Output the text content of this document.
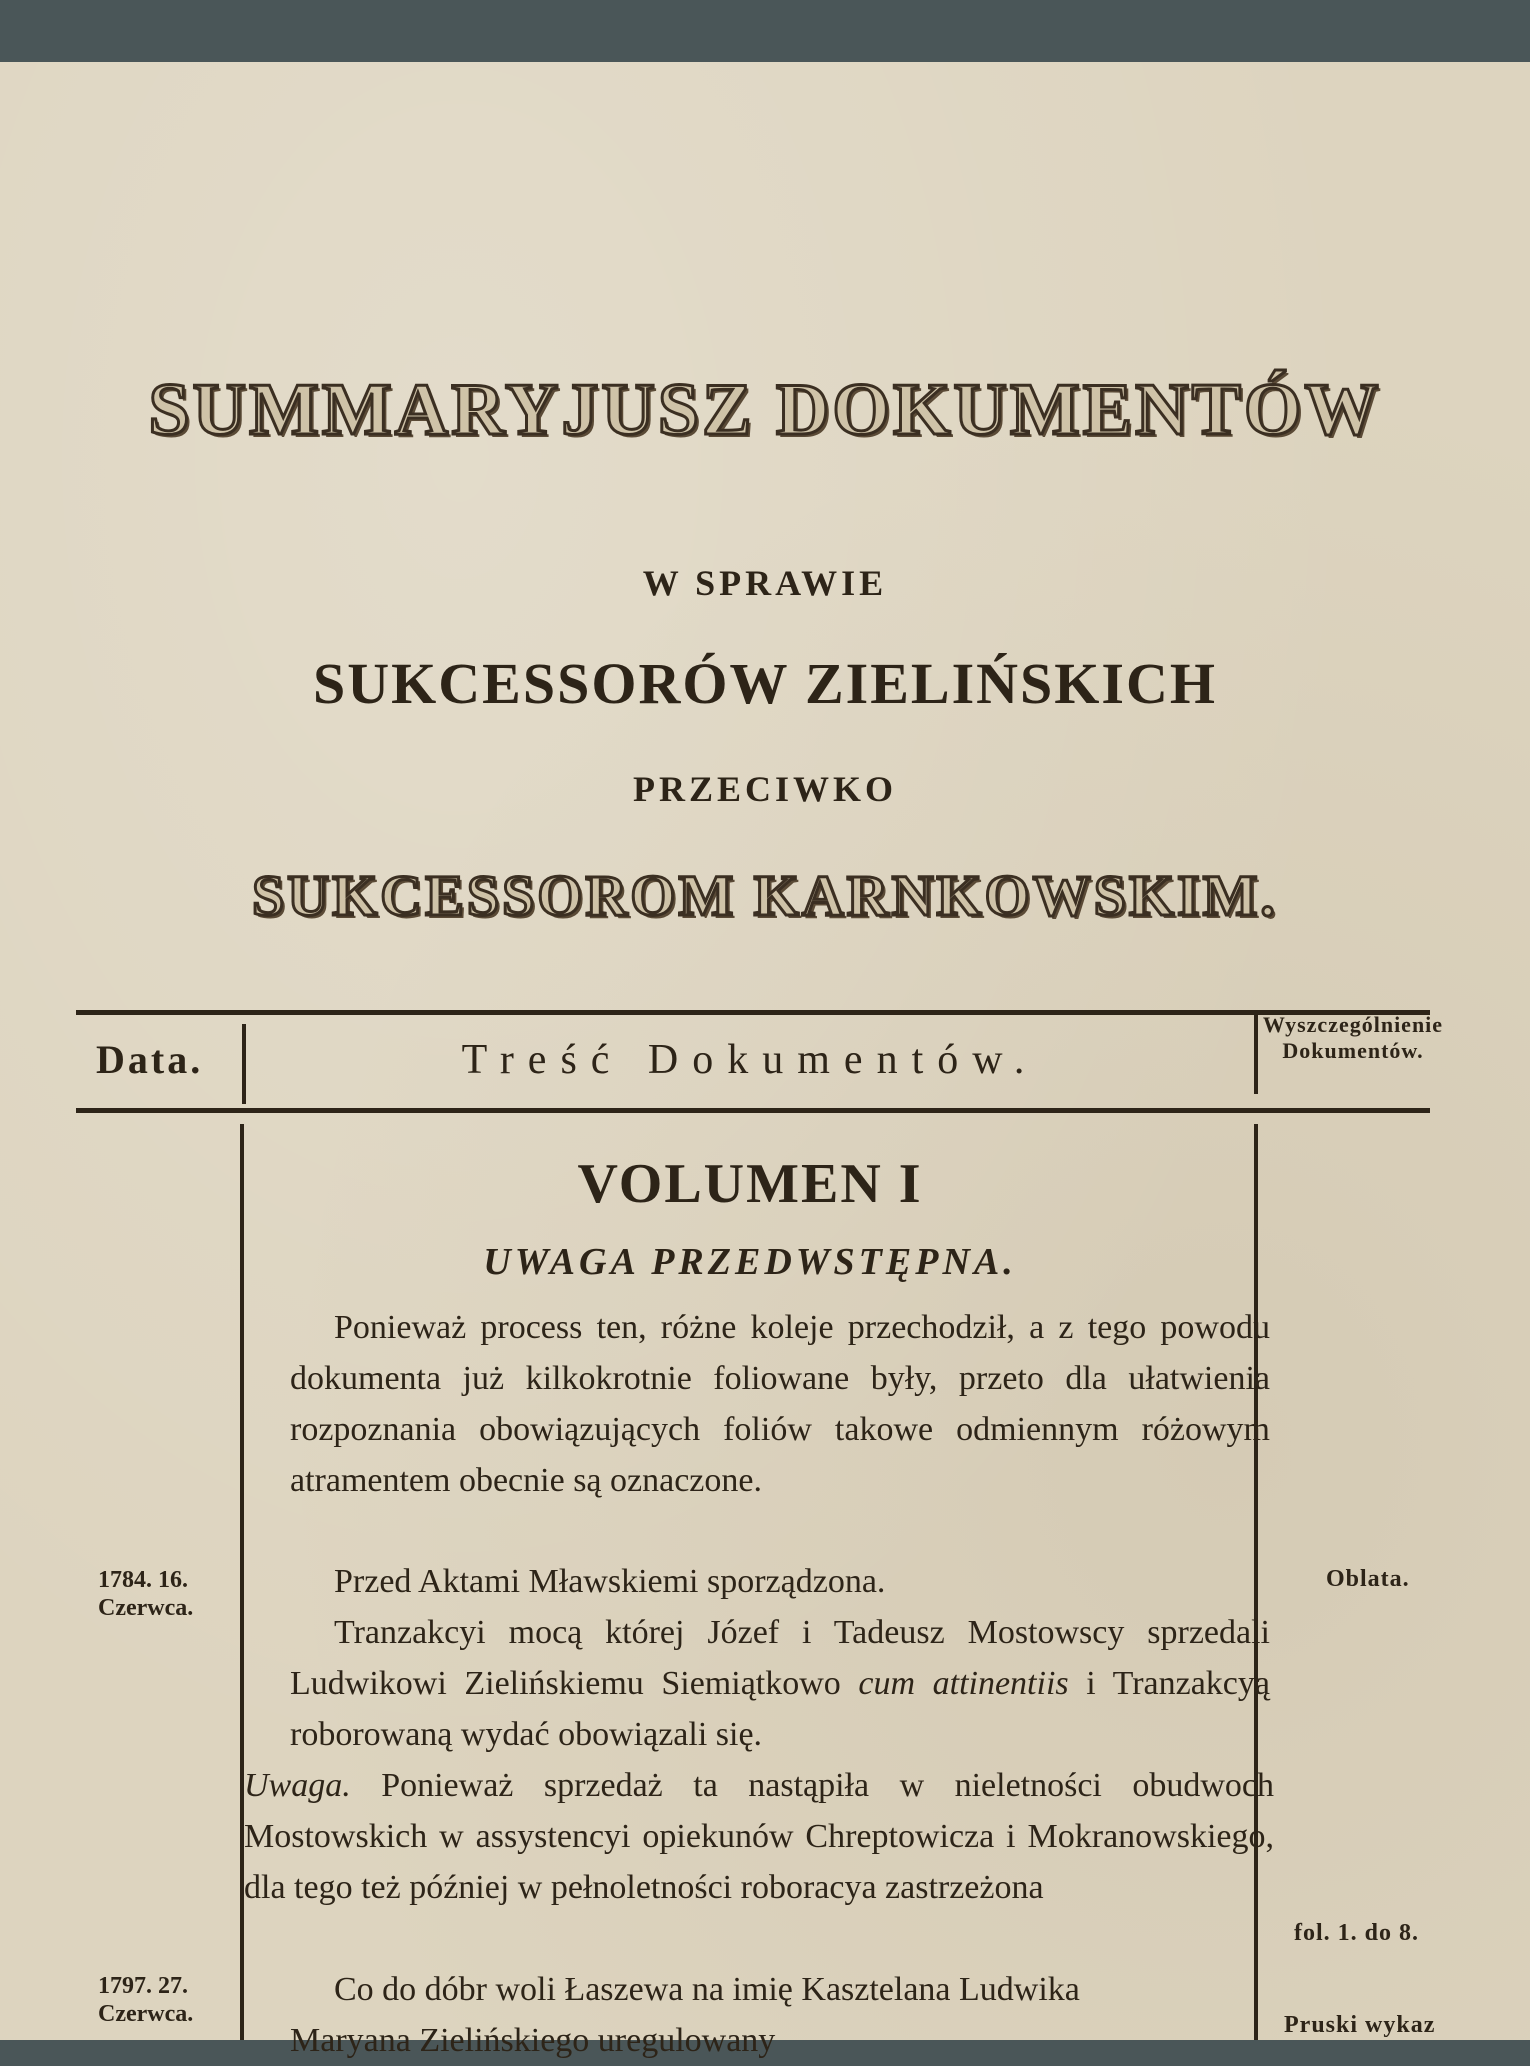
SUMMARYJUSZ DOKUMENTÓW
W SPRAWIE
SUKCESSORÓW ZIELIŃSKICH
PRZECIWKO
SUKCESSOROM KARNKOWSKIM.
Data.	Treść Dokumentów.
Wyszczególnienie Dokumentów.
VOLUMEN I
UWAGA PRZEDWSTĘPNA.
Ponieważ process ten, różne koleje przechodził, a z tego powodu dokumenta już kilkokrotnie foliowane były, przeto dla ułatwienia rozpoznania obowiązujących foliów takowe odmiennym różowym atramentem obecnie są oznaczone.
1784. 16.
Czerwca.
Oblata.
Przed Aktami Mławskiemi sporządzona.
Tranzakcyi mocą której Józef i Tadeusz Mostowscy sprzedali Ludwikowi Zielińskiemu Siemiątkowo cum attinentiis i Tranzakcyą roborowaną wydać obowiązali się.
Uwaga. Ponieważ sprzedaż ta nastąpiła w nieletności obudwoch Mostowskich w assystencyi opiekunów Chreptowicza i Mokranowskiego, dla tego też później w pełnoletności roboracya zastrzeżona
fol. 1. do 8.
1797. 27.
Czerwca.
Co do dóbr woli Łaszewa na imię Kasztelana Ludwika
Maryana Zielińskiego uregulowany	Pruski wykaz
